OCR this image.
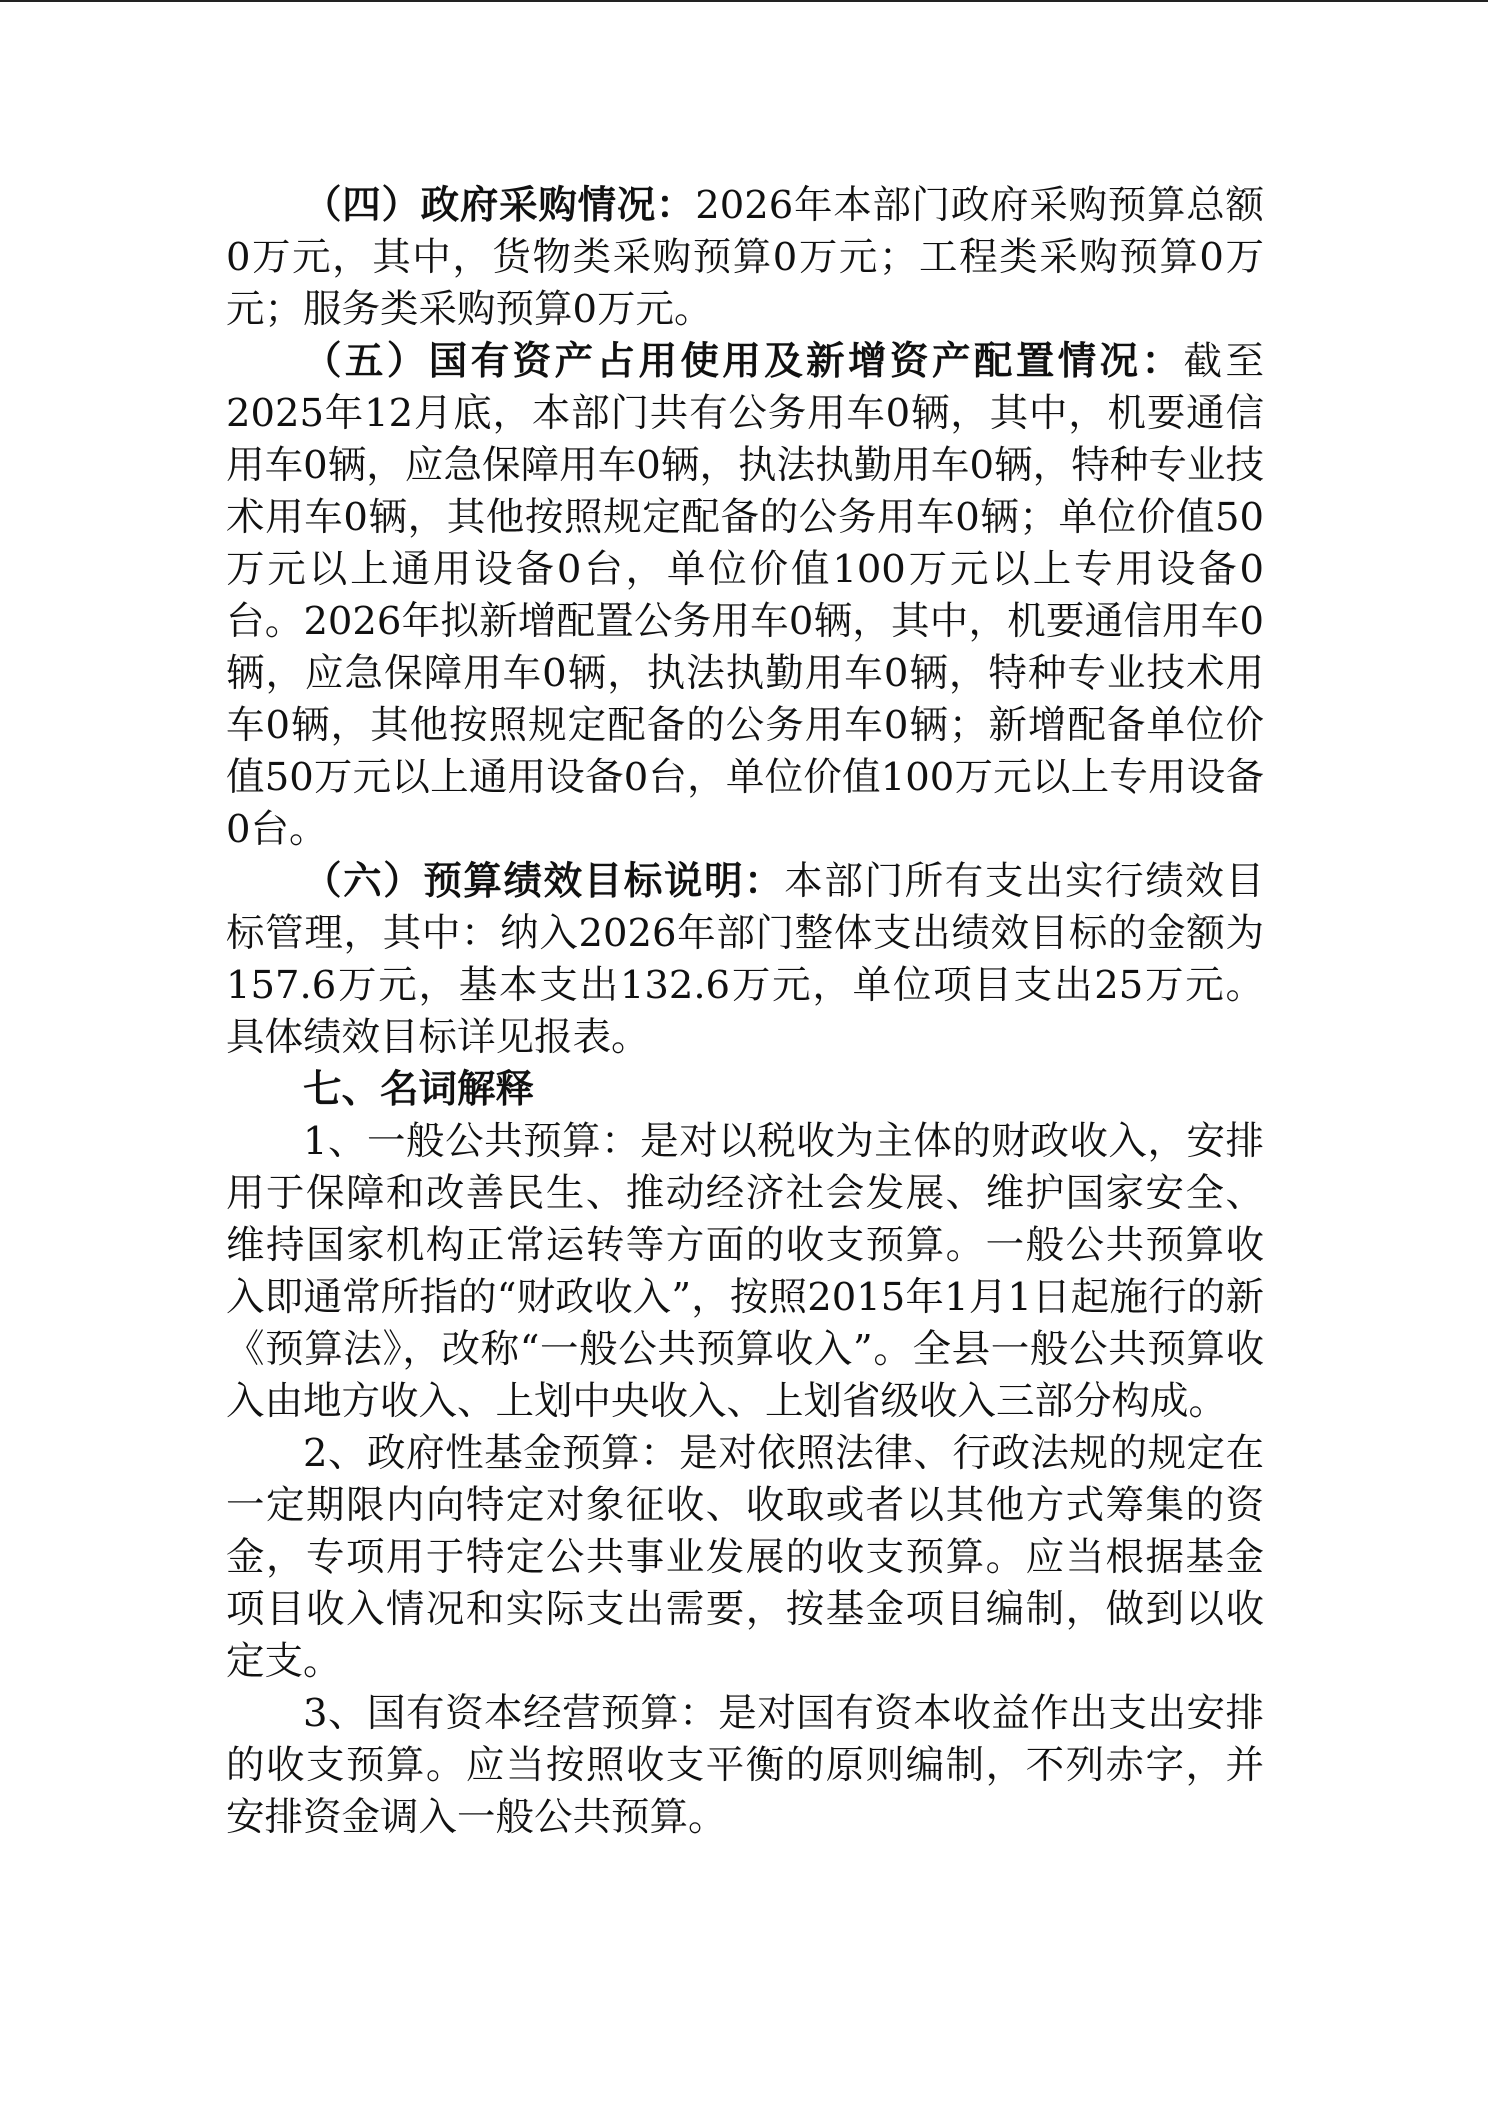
（四）政府采购情况：2026年本部门政府采购预算总额0万元，其中，货物类采购预算0万元；工程类采购预算0万元；服务类采购预算0万元。

（五）国有资产占用使用及新增资产配置情况：截至2025年12月底，本部门共有公务用车0辆，其中，机要通信用车0辆，应急保障用车0辆，执法执勤用车0辆，特种专业技术用车0辆，其他按照规定配备的公务用车0辆；单位价值50万元以上通用设备0台，单位价值100万元以上专用设备0台。2026年拟新增配置公务用车0辆，其中，机要通信用车0辆，应急保障用车0辆，执法执勤用车0辆，特种专业技术用车0辆，其他按照规定配备的公务用车0辆；新增配备单位价值50万元以上通用设备0台，单位价值100万元以上专用设备0台。

（六）预算绩效目标说明：本部门所有支出实行绩效目标管理，其中：纳入2026年部门整体支出绩效目标的金额为157.6万元，基本支出132.6万元，单位项目支出25万元。具体绩效目标详见报表。

七、名词解释

1、一般公共预算：是对以税收为主体的财政收入，安排用于保障和改善民生、推动经济社会发展、维护国家安全、维持国家机构正常运转等方面的收支预算。一般公共预算收入即通常所指的“财政收入”，按照2015年1月1日起施行的新《预算法》，改称“一般公共预算收入”。全县一般公共预算收入由地方收入、上划中央收入、上划省级收入三部分构成。

2、政府性基金预算：是对依照法律、行政法规的规定在一定期限内向特定对象征收、收取或者以其他方式筹集的资金，专项用于特定公共事业发展的收支预算。应当根据基金项目收入情况和实际支出需要，按基金项目编制，做到以收定支。

3、国有资本经营预算：是对国有资本收益作出支出安排的收支预算。应当按照收支平衡的原则编制，不列赤字，并安排资金调入一般公共预算。
